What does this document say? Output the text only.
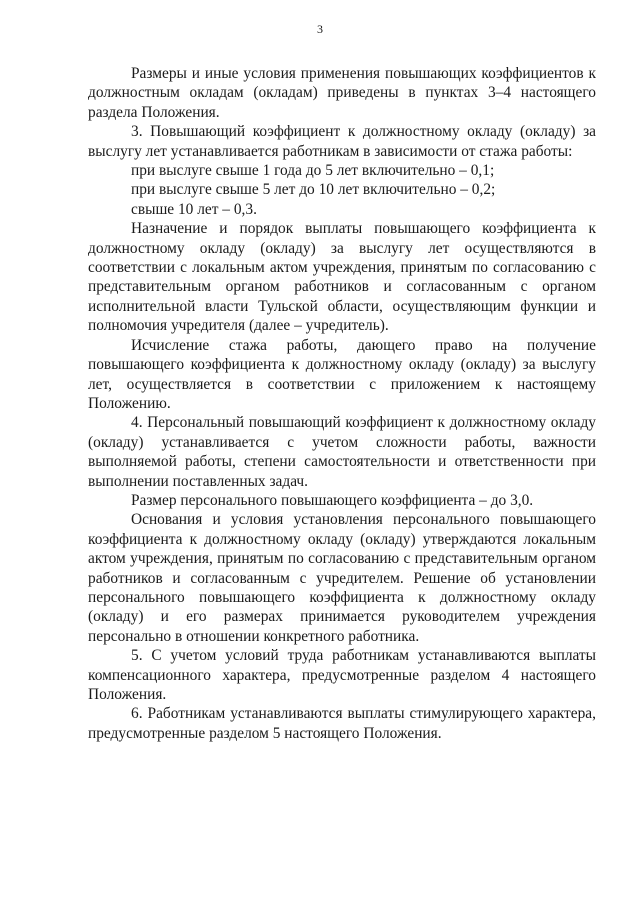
3

Размеры и иные условия применения повышающих коэффициентов к должностным окладам (окладам) приведены в пунктах 3–4 настоящего раздела Положения.

3. Повышающий коэффициент к должностному окладу (окладу) за выслугу лет устанавливается работникам в зависимости от стажа работы:

при выслуге свыше 1 года до 5 лет включительно – 0,1;

при выслуге свыше 5 лет до 10 лет включительно – 0,2;

свыше 10 лет – 0,3.

Назначение и порядок выплаты повышающего коэффициента к должностному окладу (окладу) за выслугу лет осуществляются в соответствии с локальным актом учреждения, принятым по согласованию с представительным органом работников и согласованным с органом исполнительной власти Тульской области, осуществляющим функции и полномочия учредителя (далее – учредитель).

Исчисление стажа работы, дающего право на получение повышающего коэффициента к должностному окладу (окладу) за выслугу лет, осуществляется в соответствии с приложением к настоящему Положению.

4. Персональный повышающий коэффициент к должностному окладу (окладу) устанавливается с учетом сложности работы, важности выполняемой работы, степени самостоятельности и ответственности при выполнении поставленных задач.

Размер персонального повышающего коэффициента – до 3,0.

Основания и условия установления персонального повышающего коэффициента к должностному окладу (окладу) утверждаются локальным актом учреждения, принятым по согласованию с представительным органом работников и согласованным с учредителем. Решение об установлении персонального повышающего коэффициента к должностному окладу (окладу) и его размерах принимается руководителем учреждения персонально в отношении конкретного работника.

5. С учетом условий труда работникам устанавливаются выплаты компенсационного характера, предусмотренные разделом 4 настоящего Положения.

6. Работникам устанавливаются выплаты стимулирующего характера, предусмотренные разделом 5 настоящего Положения.
